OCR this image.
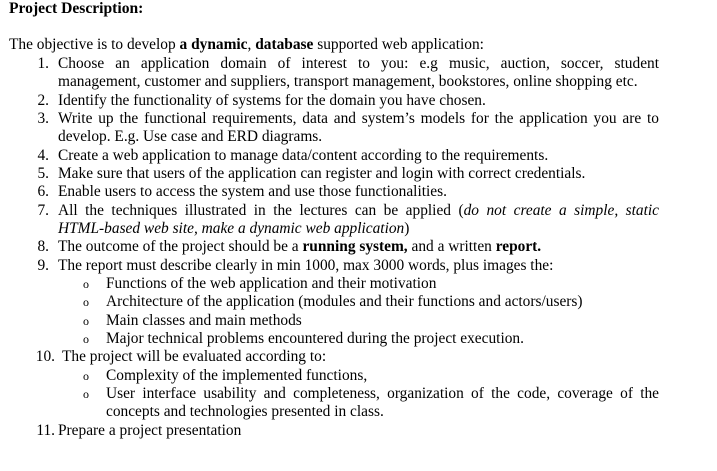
Project Description:
The objective is to develop a dynamic, database supported web application:
1. Choose an application domain of interest to you: e.g music, auction, soccer, student
management, customer and suppliers, transport management, bookstores, online shopping etc.
2. Identify the functionality of systems for the domain you have chosen.
3. Write up the functional requirements, data and system’s models for the application you are to
develop. E.g. Use case and ERD diagrams.
4. Create a web application to manage data/content according to the requirements.
5. Make sure that users of the application can register and login with correct credentials.
6. Enable users to access the system and use those functionalities.
7. All the techniques illustrated in the lectures can be applied (do not create a simple, static
HTML-based web site, make a dynamic web application)
8. The outcome of the project should be a running system, and a written report.
9. The report must describe clearly in min 1000, max 3000 words, plus images the:
o Functions of the web application and their motivation
o Architecture of the application (modules and their functions and actors/users)
o Main classes and main methods
o Major technical problems encountered during the project execution.
10. The project will be evaluated according to:
o Complexity of the implemented functions,
o User interface usability and completeness, organization of the code, coverage of the
concepts and technologies presented in class.
11. Prepare a project presentation
